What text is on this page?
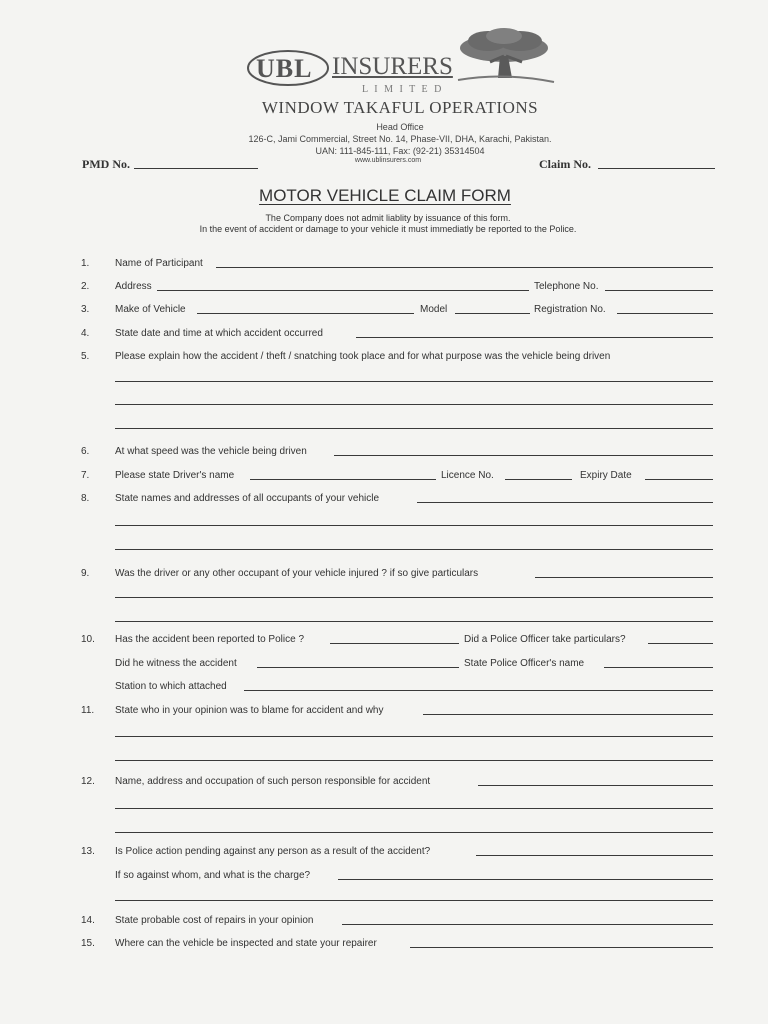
UBL INSURERS
L I M I T E D
WINDOW TAKAFUL OPERATIONS
Head Office
126-C, Jami Commercial, Street No. 14, Phase-VII, DHA, Karachi, Pakistan.
UAN: 111-845-111, Fax: (92-21) 35314504
www.ublinsurers.com
PMD No.	Claim No.
MOTOR VEHICLE CLAIM FORM
The Company does not admit liablity by issuance of this form.
In the event of accident or damage to your vehicle it must immediatly be reported to the Police.
1.	Name of Participant
2.	Address	Telephone No.
3.	Make of Vehicle	Model	Registration No.
4.	State date and time at which accident occurred
5.	Please explain how the accident / theft / snatching took place and for what purpose was the vehicle being driven
6.	At what speed was the vehicle being driven
7.	Please state Driver's name	Licence No.	Expiry Date
8.	State names and addresses of all occupants of your vehicle
9.	Was the driver or any other occupant of your vehicle injured ? if so give particulars
10. Has the accident been reported to Police ?	Did a Police Officer take particulars?
Did he witness the accident	State Police Officer's name
Station to which attached
11. State who in your opinion was to blame for accident and why
12. Name, address and occupation of such person responsible for accident
13. Is Police action pending against any person as a result of the accident?
If so against whom, and what is the charge?
14. State probable cost of repairs in your opinion
15. Where can the vehicle be inspected and state your repairer
